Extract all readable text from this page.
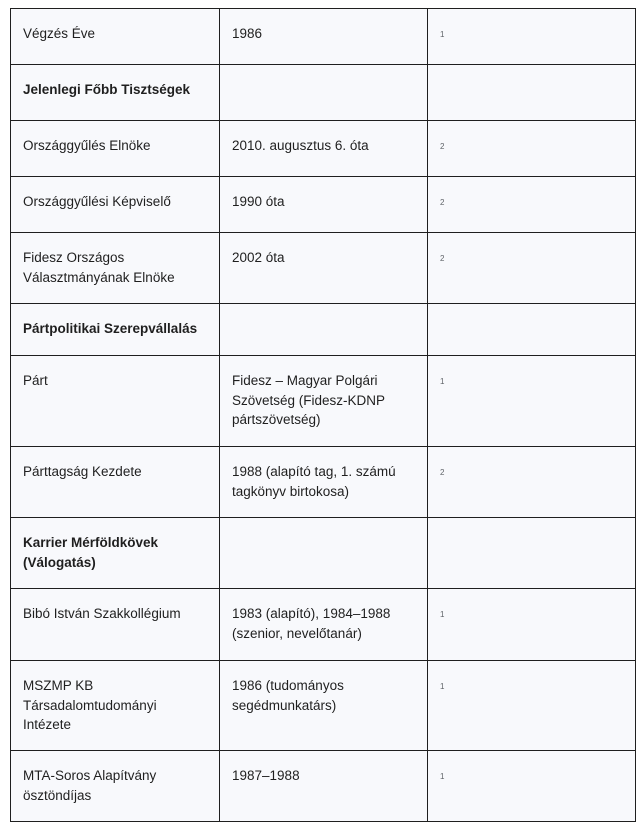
Végzés Éve	1986	1

Jelenlegi Főbb Tisztségek		

Országgyűlés Elnöke	2010. augusztus 6. óta	2

Országgyűlési Képviselő	1990 óta	2

Fidesz Országos Választmányának Elnöke	2002 óta	2

Pártpolitikai Szerepvállalás		

Párt	Fidesz – Magyar Polgári Szövetség (Fidesz-KDNP pártszövetség)	1

Párttagság Kezdete	1988 (alapító tag, 1. számú tagkönyv birtokosa)	2

Karrier Mérföldkövek (Válogatás)		

Bibó István Szakkollégium	1983 (alapító), 1984–1988 (szenior, nevelőtanár)	1

MSZMP KB Társadalomtudományi Intézete	1986 (tudományos segédmunkatárs)	1

MTA-Soros Alapítvány ösztöndíjas	1987–1988	1
